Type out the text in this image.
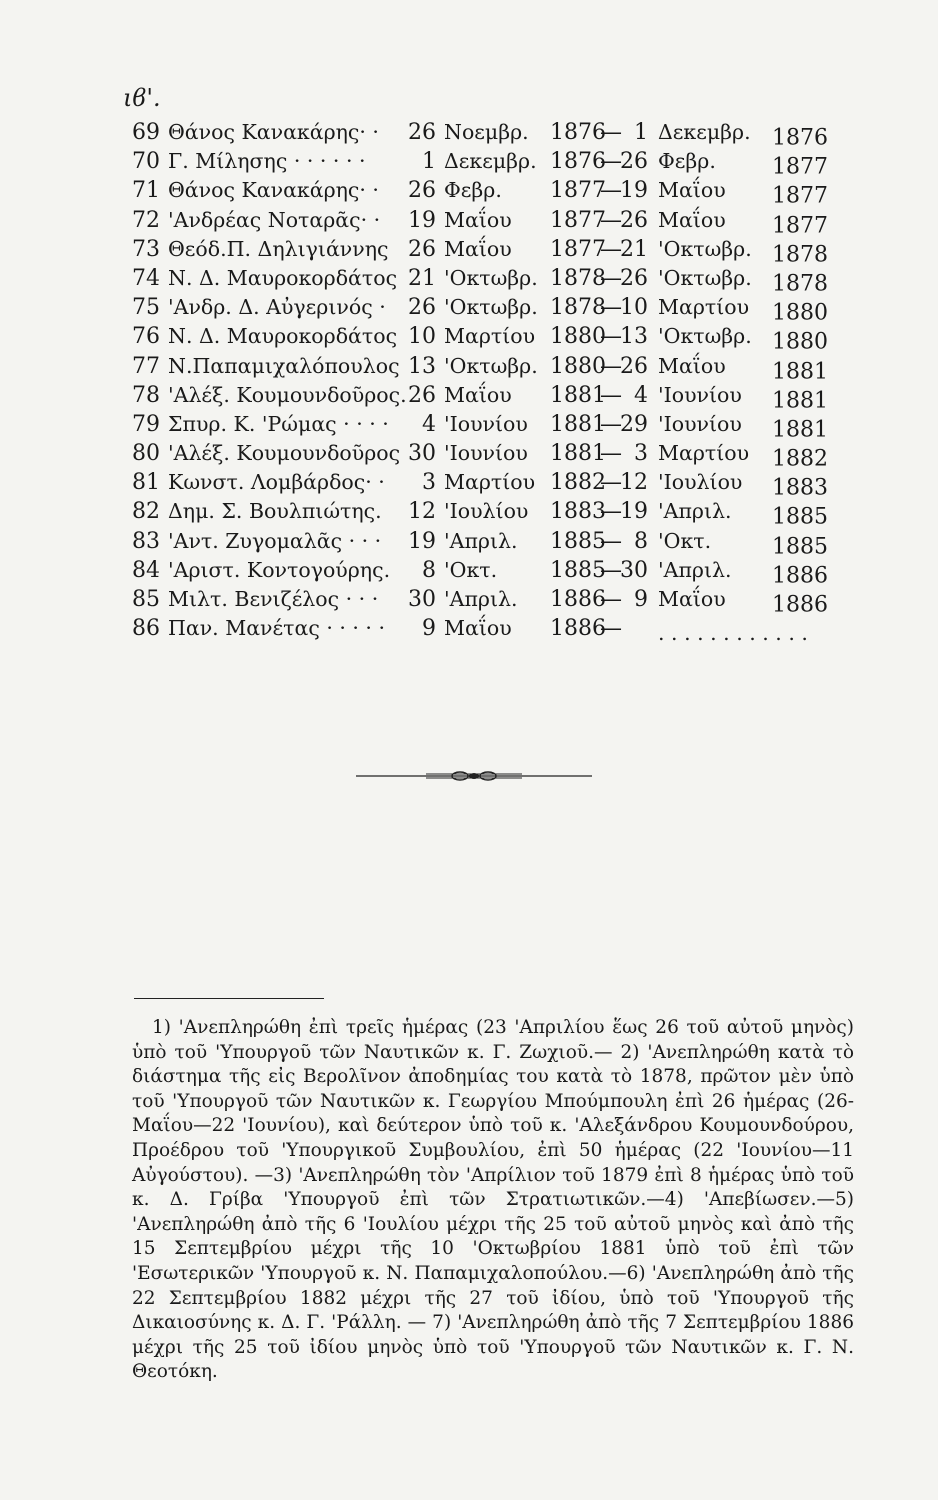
ιϐ'.
69 Θάνος Κανακάρης· · 26 Νοεμβρ. 1876	1 Δεκεμβρ. 1876
—
70 Γ. Μίλησης · · · · · ·	1 Δεκεμβρ. 1876 26 Φεβρ.	1877
—
71 Θάνος Κανακάρης· · 26 Φεβρ. 1877 19 Μαΐου 1877
—
72 'Ανδρέας Νοταρᾶς· · 19 Μαΐου 1877 26 Μαΐου 1877
—
73 Θεόδ.Π. Δηλιγιάννης 26 Μαΐου 1877 21 'Οκτωβρ. 1878
—
74 Ν. Δ. Μαυροκορδάτος 21 'Οκτωβρ. 1878 26 'Οκτωβρ. 1878
—
75 'Ανδρ. Δ. Αὐγερινός · 26 'Οκτωβρ. 1878 10 Μαρτίου 1880
—
76 Ν. Δ. Μαυροκορδάτος 10 Μαρτίου 1880 13 'Οκτωβρ. 1880
—
77 Ν.Παπαμιχαλόπουλος 13 'Οκτωβρ. 1880 26 Μαΐου 1881
—
78 'Αλέξ. Κουμουνδοῦρος. 26 Μαΐου 1881	4 'Ιουνίου 1881
—
79 Σπυρ. Κ. 'Ρώμας · · · ·	4 'Ιουνίου 1881 29 'Ιουνίου 1881
—
80 'Αλέξ. Κουμουνδοῦρος 30 'Ιουνίου 1881	3 Μαρτίου 1882
—
81 Κωνστ. Λομβάρδος· ·	3 Μαρτίου 1882 12 'Ιουλίου 1883
—
82 Δημ. Σ. Βουλπιώτης. 12 'Ιουλίου 1883 19 'Απριλ. 1885
—
83 'Αντ. Ζυγομαλᾶς · · · 19 'Απριλ. 1885	8 'Οκτ.	1885
—
84 'Αριστ. Κοντογούρης.	8 'Οκτ. 1885 30 'Απριλ. 1886
—
85 Μιλτ. Βενιζέλος · · · 30 'Απριλ. 1886	9 Μαΐου 1886
—
86 Παν. Μανέτας · · · · ·	9 Μαΐου 1886	. . . . . . . . . . . .
—

1) 'Ανεπληρώθη ἐπὶ τρεῖς ἡμέρας (23 'Απριλίου ἕως 26 τοῦ αὐτοῦ μηνὸς) ὑπὸ τοῦ 'Υπουργοῦ τῶν Ναυτικῶν κ. Γ. Ζωχιοῦ.— 2) 'Ανεπληρώθη κατὰ τὸ διάστημα τῆς εἰς Βερολῖνον ἀποδημίας του κατὰ τὸ 1878, πρῶτον μὲν ὑπὸ τοῦ 'Υπουργοῦ τῶν Ναυτικῶν κ. Γεωργίου Μπούμπουλη ἐπὶ 26 ἡμέρας (26-Μαΐου—22 'Ιουνίου), καὶ δεύτερον ὑπὸ τοῦ κ. 'Αλεξάνδρου Κουμουνδούρου, Προέδρου τοῦ 'Υπουργικοῦ Συμβουλίου, ἐπὶ 50 ἡμέρας (22 'Ιουνίου—11 Αὐγούστου). —3) 'Ανεπληρώθη τὸν 'Απρίλιον τοῦ 1879 ἐπὶ 8 ἡμέρας ὑπὸ τοῦ κ. Δ. Γρίβα 'Υπουργοῦ ἐπὶ τῶν Στρατιωτικῶν.—4) 'Απεβίωσεν.—5) 'Ανεπληρώθη ἀπὸ τῆς 6 'Ιουλίου μέχρι τῆς 25 τοῦ αὐτοῦ μηνὸς καὶ ἀπὸ τῆς 15 Σεπτεμβρίου μέχρι τῆς 10 'Οκτωβρίου 1881 ὑπὸ τοῦ ἐπὶ τῶν 'Εσωτερικῶν 'Υπουργοῦ κ. Ν. Παπαμιχαλοπούλου.—6) 'Ανεπληρώθη ἀπὸ τῆς 22 Σεπτεμβρίου 1882 μέχρι τῆς 27 τοῦ ἰδίου, ὑπὸ τοῦ 'Υπουργοῦ τῆς Δικαιοσύνης κ. Δ. Γ. 'Ράλλη. — 7) 'Ανεπληρώθη ἀπὸ τῆς 7 Σεπτεμβρίου 1886 μέχρι τῆς 25 τοῦ ἰδίου μηνὸς ὑπὸ τοῦ 'Υπουργοῦ τῶν Ναυτικῶν κ. Γ. Ν. Θεοτόκη.
